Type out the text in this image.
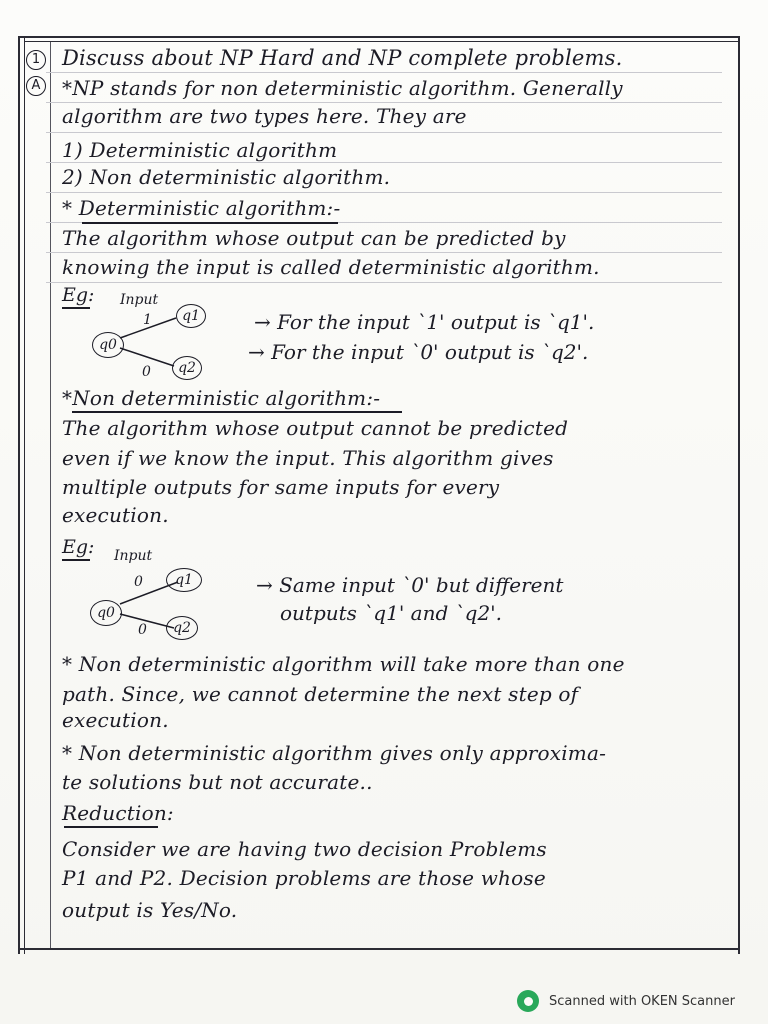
1
A
Discuss about NP Hard and NP complete problems.
*NP stands for non deterministic algorithm. Generally
algorithm are two types here. They are
1) Deterministic algorithm
2) Non deterministic algorithm.
* Deterministic algorithm:-
The algorithm whose output can be predicted by
knowing the input is called deterministic algorithm.
Eg: Input
q0
q1
q2
1
0
→ For the input `1' output is `q1'.
→ For the input `0' output is `q2'.
*Non deterministic algorithm:-
The algorithm whose output cannot be predicted
even if we know the input. This algorithm gives
multiple outputs for same inputs for every
execution.
Eg: Input
q0
q1
q2
0
0
→ Same input `0' but different
outputs `q1' and `q2'.
* Non deterministic algorithm will take more than one
path. Since, we cannot determine the next step of
execution.
* Non deterministic algorithm gives only approxima-
te solutions but not accurate..
Reduction:
Consider we are having two decision Problems
P1 and P2. Decision problems are those whose
output is Yes/No.
Scanned with OKEN Scanner
